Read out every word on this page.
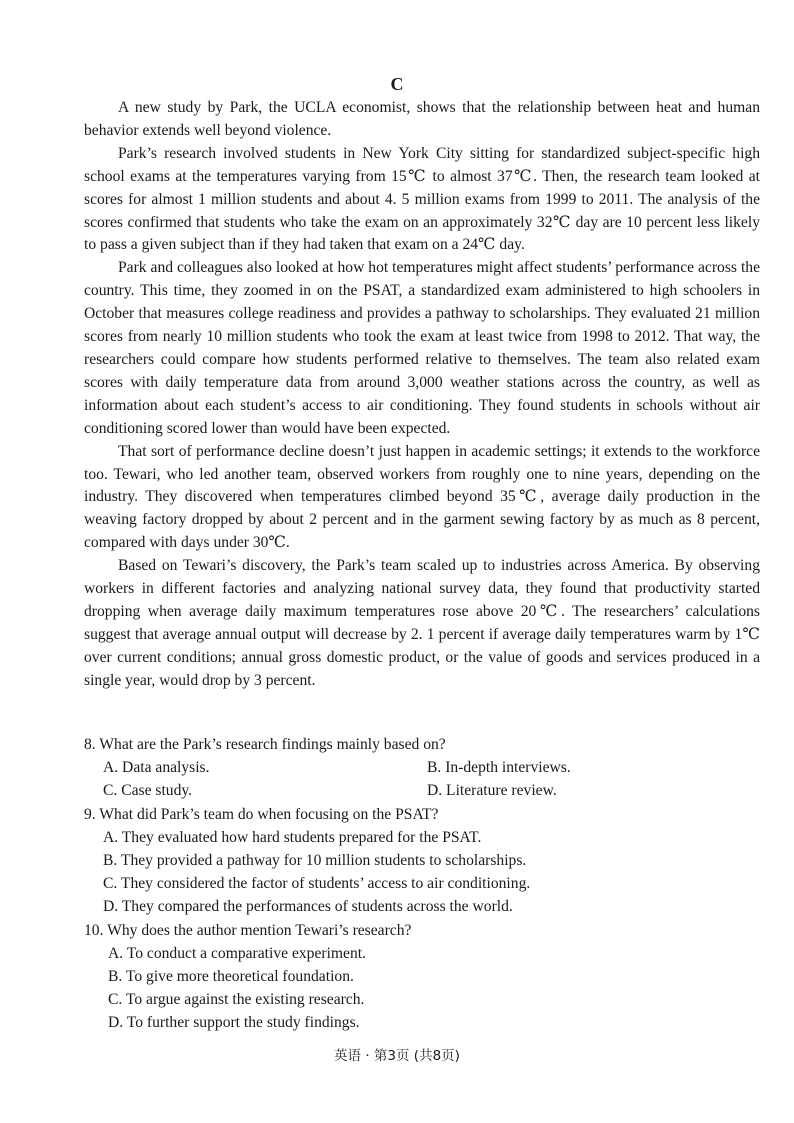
C

A new study by Park, the UCLA economist, shows that the relationship between heat and human behavior extends well beyond violence.

Park’s research involved students in New York City sitting for standardized subject-specific high school exams at the temperatures varying from 15℃ to almost 37℃. Then, the research team looked at scores for almost 1 million students and about 4. 5 million exams from 1999 to 2011. The analysis of the scores confirmed that students who take the exam on an approximately 32℃ day are 10 percent less likely to pass a given subject than if they had taken that exam on a 24℃ day.

Park and colleagues also looked at how hot temperatures might affect students’ performance across the country. This time, they zoomed in on the PSAT, a standardized exam administered to high schoolers in October that measures college readiness and provides a pathway to scholarships. They evaluated 21 million scores from nearly 10 million students who took the exam at least twice from 1998 to 2012. That way, the researchers could compare how students performed relative to themselves. The team also related exam scores with daily temperature data from around 3,000 weather stations across the country, as well as information about each student’s access to air conditioning. They found students in schools without air conditioning scored lower than would have been expected.

That sort of performance decline doesn’t just happen in academic settings; it extends to the workforce too. Tewari, who led another team, observed workers from roughly one to nine years, depending on the industry. They discovered when temperatures climbed beyond 35℃, average daily production in the weaving factory dropped by about 2 percent and in the garment sewing factory by as much as 8 percent, compared with days under 30℃.

Based on Tewari’s discovery, the Park’s team scaled up to industries across America. By observing workers in different factories and analyzing national survey data, they found that productivity started dropping when average daily maximum temperatures rose above 20℃. The researchers’ calculations suggest that average annual output will decrease by 2. 1 percent if average daily temperatures warm by 1℃ over current conditions; annual gross domestic product, or the value of goods and services produced in a single year, would drop by 3 percent.

8. What are the Park’s research findings mainly based on?
A. Data analysis.	B. In-depth interviews.
C. Case study.	D. Literature review.
9. What did Park’s team do when focusing on the PSAT?
A. They evaluated how hard students prepared for the PSAT.
B. They provided a pathway for 10 million students to scholarships.
C. They considered the factor of students’ access to air conditioning.
D. They compared the performances of students across the world.
10. Why does the author mention Tewari’s research?
A. To conduct a comparative experiment.
B. To give more theoretical foundation.
C. To argue against the existing research.
D. To further support the study findings.
英语 · 第3页 (共8页)
